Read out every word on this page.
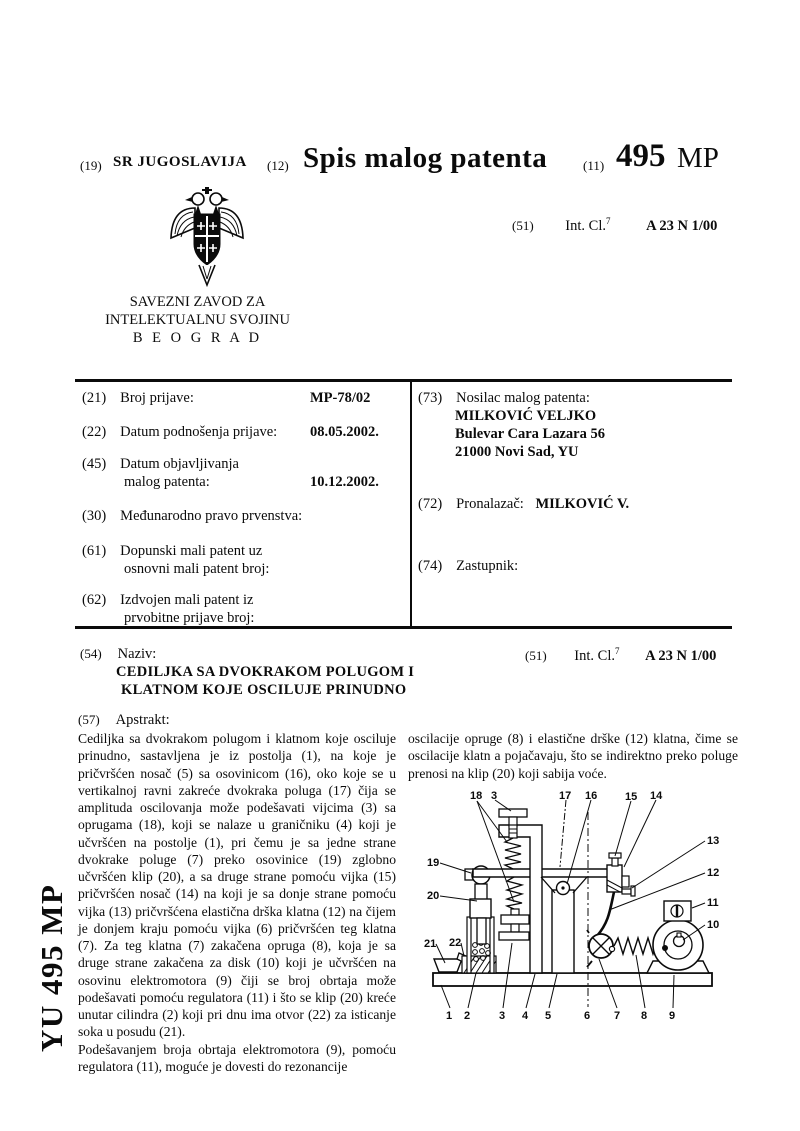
(19) SR JUGOSLAVIJA (12) Spis malog patenta	(11) 495 MP
(51) Int. Cl.$^7$ A 23 N 1/00
SAVEZNI ZAVOD ZA
INTELEKTUALNU SVOJINU
B E O G R A D
(21) Broj prijave:	MP-78/02
(22) Datum podnošenja prijave: 08.05.2002.
(45) Datum objavljivanja
malog patenta:	10.12.2002.
(30) Međunarodno pravo prvenstva:
(61) Dopunski mali patent uz
osnovni mali patent broj:
(62) Izdvojen mali patent iz
prvobitne prijave broj:
(73) Nosilac malog patenta:
MILKOVIĆ VELJKO
Bulevar Cara Lazara 56
21000 Novi Sad, YU
(72) Pronalazač: MILKOVIĆ V.
(74) Zastupnik:
(54) Naziv:
CEDILJKA SA DVOKRAKOM POLUGOM I
KLATNOM KOJE OSCILUJE PRINUDNO
(51) Int. Cl.$^7$ A 23 N 1/00
(57) Apstrakt:
Cediljka sa dvokrakom polugom i klatnom koje osciluje prinudno, sastavljena je iz postolja (1), na koje je pričvršćen nosač (5) sa osovinicom (16), oko koje se u vertikalnoj ravni zakreće dvokraka poluga (17) čija se amplituda oscilovanja može podešavati vijcima (3) sa oprugama (18), koji se nalaze u graničniku (4) koji je učvršćen na postolje (1), pri čemu je sa jedne strane dvokrake poluge (7) preko osovinice (19) zglobno učvršćen klip (20), a sa druge strane pomoću vijka (15) pričvršćen nosač (14) na koji je sa donje strane pomoću vijka (13) pričvršćena elastična drška klatna (12) na čijem je donjem kraju pomoću vijka (6) pričvršćen teg klatna (7). Za teg klatna (7) zakačena opruga (8), koja je sa druge strane zakačena za disk (10) koji je učvršćen na osovinu elektromotora (9) čiji se broj obrtaja može podešavati pomoću regulatora (11) i što se klip (20) kreće unutar cilindra (2) koji pri dnu ima otvor (22) za isticanje soka u posudu (21).
Podešavanjem broja obrtaja elektromotora (9), pomoću regulatora (11), moguće je dovesti do rezonancije
oscilacije opruge (8) i elastične drške (12) klatna, čime se oscilacije klatn a pojačavaju, što se indirektno preko poluge prenosi na klip (20) koji sabija voće.
18 3	17 16	15 14
13
12
11
10
19
20
21 22
1 2	3 4 5	6 7 8 9
YU 495 MP
